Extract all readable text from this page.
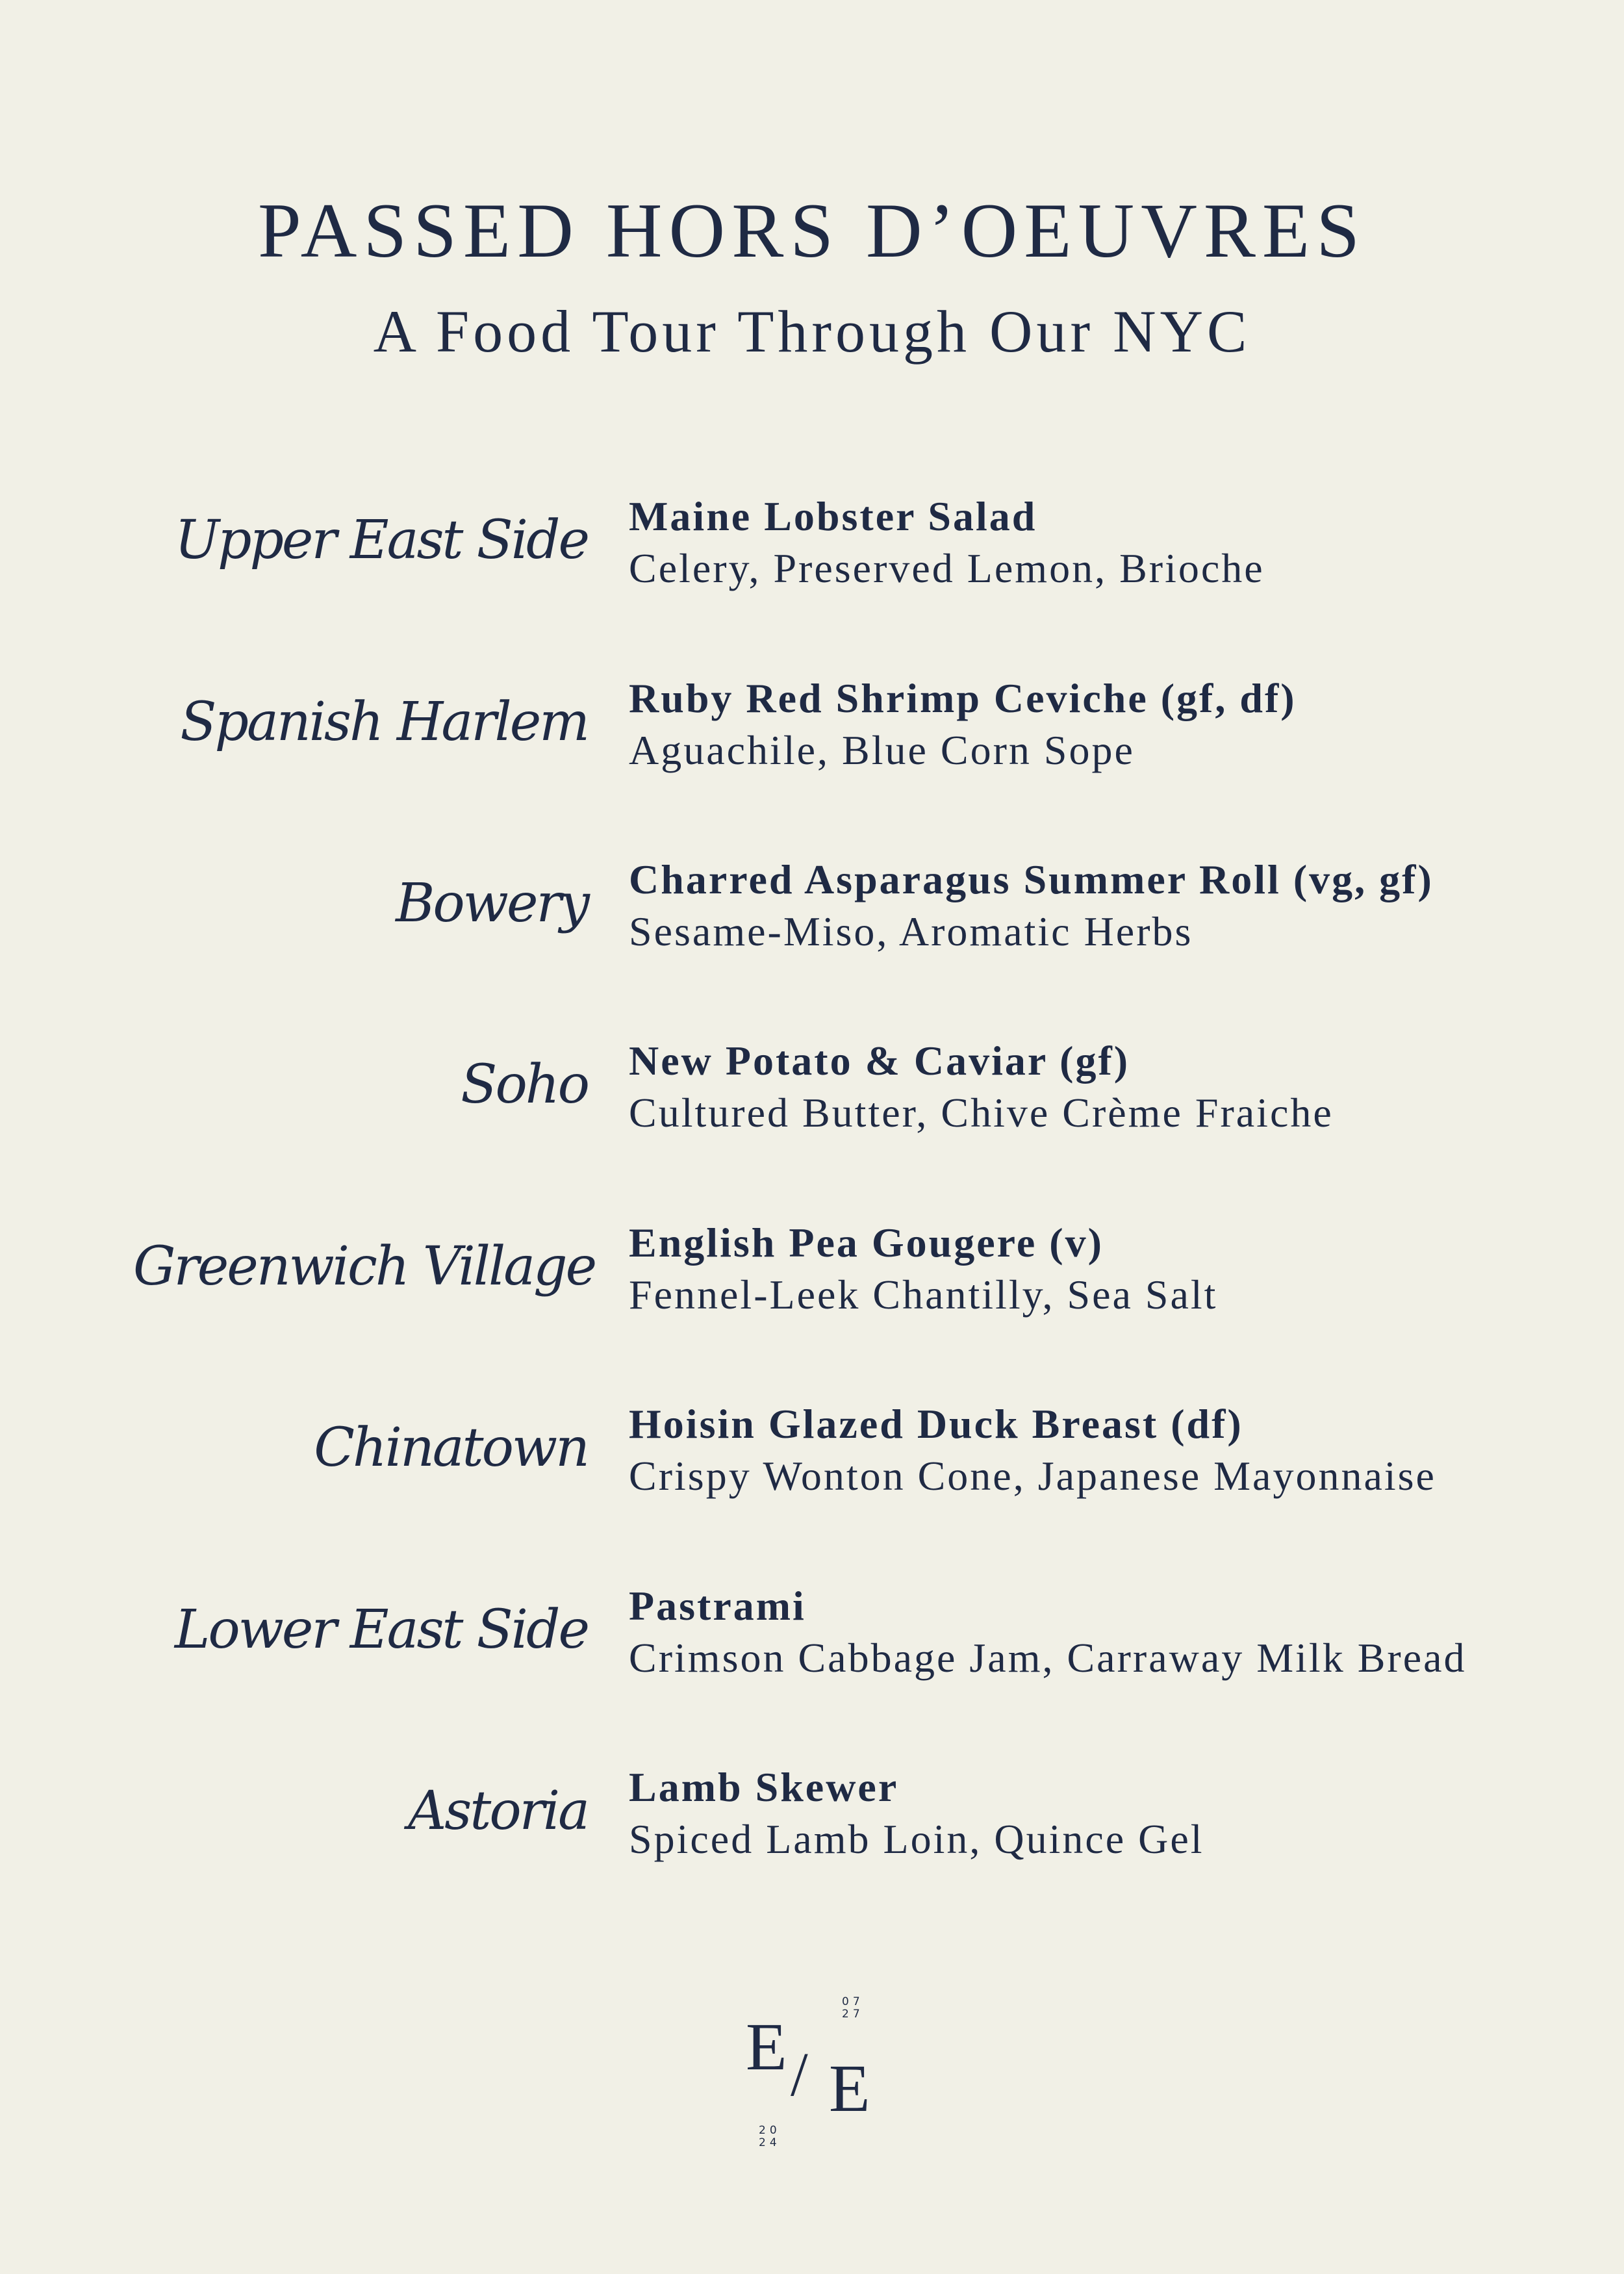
PASSED HORS D’OEUVRES
A Food Tour Through Our NYC
Upper East Side Maine Lobster Salad
Celery, Preserved Lemon, Brioche
Spanish Harlem Ruby Red Shrimp Ceviche (gf, df)
Aguachile, Blue Corn Sope
Bowery Charred Asparagus Summer Roll (vg, gf)
Sesame-Miso, Aromatic Herbs
Soho New Potato & Caviar (gf)
Cultured Butter, Chive Crème Fraiche
Greenwich Village English Pea Gougere (v)
Fennel-Leek Chantilly, Sea Salt
Chinatown Hoisin Glazed Duck Breast (df)
Crispy Wonton Cone, Japanese Mayonnaise
Lower East Side Pastrami
Crimson Cabbage Jam, Carraway Milk Bread
Astoria Lamb Skewer
Spiced Lamb Loin, Quince Gel
07
27
E / E
20
24
